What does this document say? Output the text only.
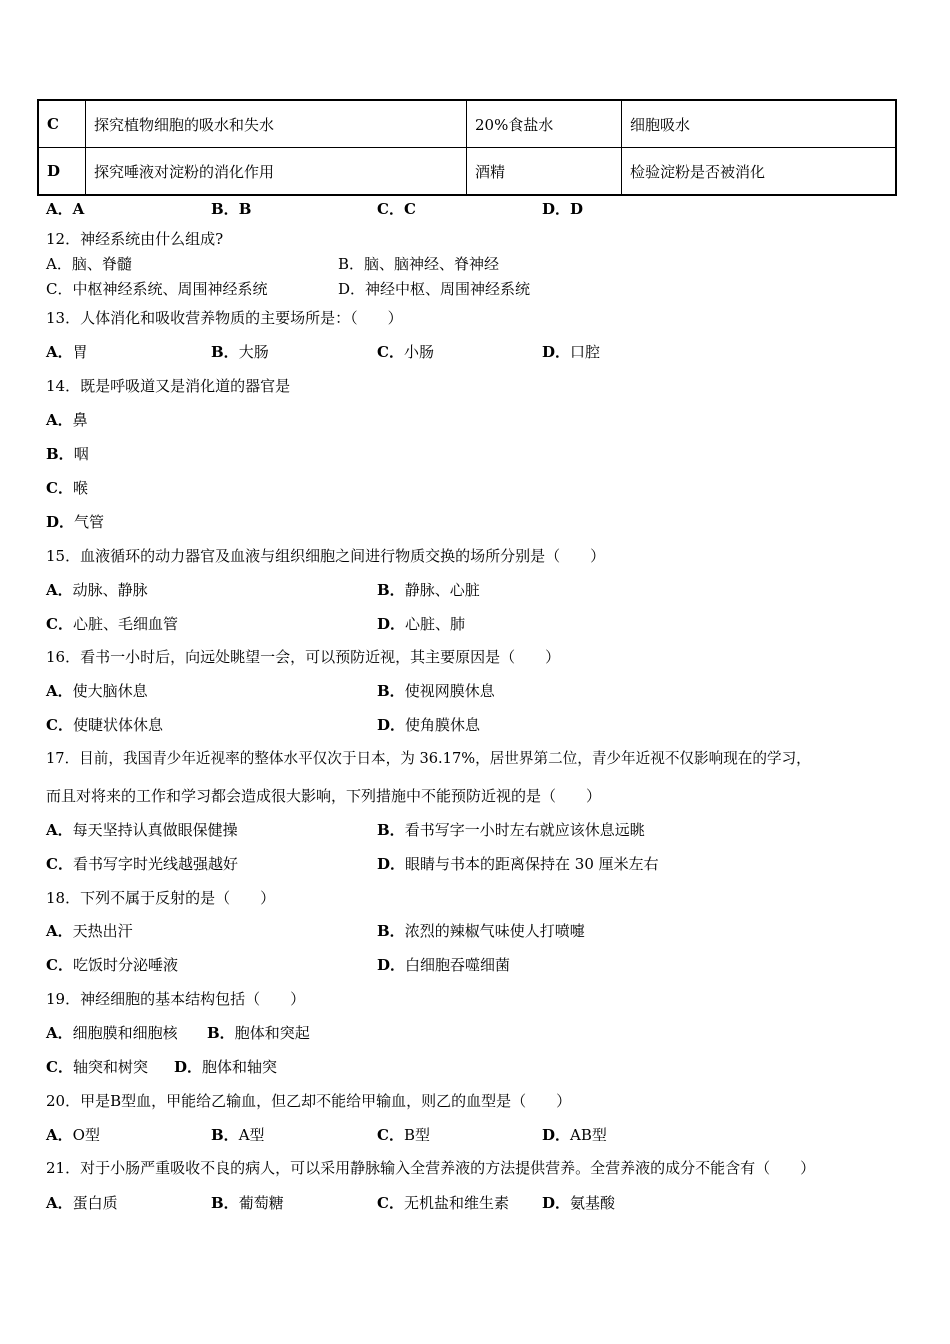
C	探究植物细胞的吸水和失水	20%食盐水	细胞吸水
D	探究唾液对淀粉的消化作用	酒精	检验淀粉是否被消化
A．A	B．B	C．C	D．D
12．神经系统由什么组成?
A．脑、脊髓	B．脑、脑神经、脊神经
C．中枢神经系统、周围神经系统	D．神经中枢、周围神经系统
13．人体消化和吸收营养物质的主要场所是：（　　）
A．胃	B．大肠	C．小肠	D．口腔
14．既是呼吸道又是消化道的器官是
A．鼻
B．咽
C．喉
D．气管
15．血液循环的动力器官及血液与组织细胞之间进行物质交换的场所分别是（　　）
A．动脉、静脉	B．静脉、心脏
C．心脏、毛细血管	D．心脏、肺
16．看书一小时后，向远处眺望一会，可以预防近视，其主要原因是（　　）
A．使大脑休息	B．使视网膜休息
C．使睫状体休息	D．使角膜休息
17．目前，我国青少年近视率的整体水平仅次于日本，为 36.17%，居世界第二位，青少年近视不仅影响现在的学习，
而且对将来的工作和学习都会造成很大影响，下列措施中不能预防近视的是（　　）
A．每天坚持认真做眼保健操	B．看书写字一小时左右就应该休息远眺
C．看书写字时光线越强越好	D．眼睛与书本的距离保持在 30 厘米左右
18．下列不属于反射的是（　　）
A．天热出汗	B．浓烈的辣椒气味使人打喷嚏
C．吃饭时分泌唾液	D．白细胞吞噬细菌
19．神经细胞的基本结构包括（　　）
A．细胞膜和细胞核 B．胞体和突起
C．轴突和树突 D．胞体和轴突
20．甲是B型血，甲能给乙输血，但乙却不能给甲输血，则乙的血型是（　　）
A．O型	B．A型	C．B型	D．AB型
21．对于小肠严重吸收不良的病人，可以采用静脉输入全营养液的方法提供营养。全营养液的成分不能含有（　　）
A．蛋白质	B．葡萄糖	C．无机盐和维生素 D．氨基酸
